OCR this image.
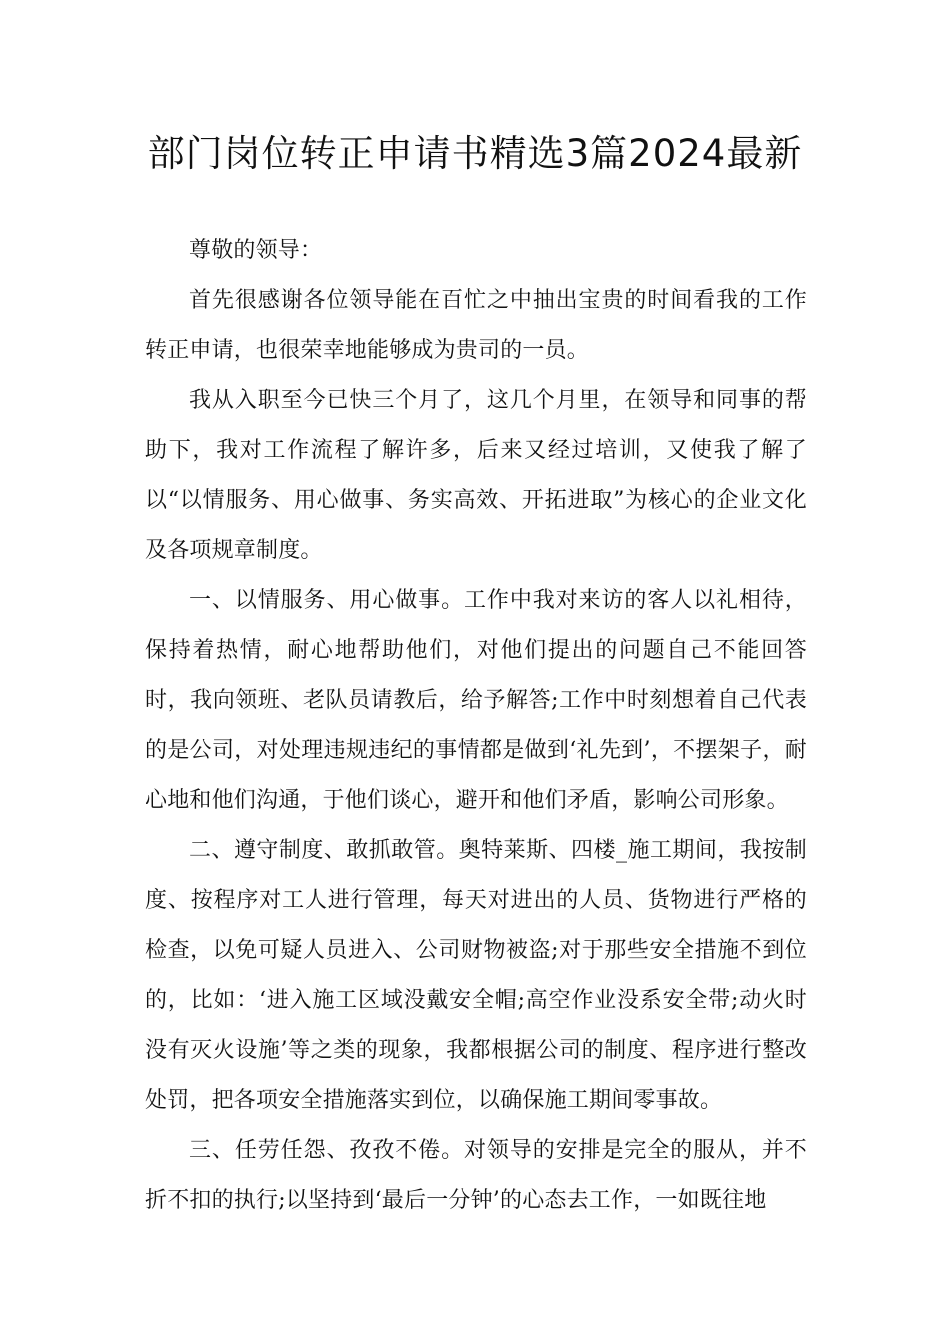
部门岗位转正申请书精选3篇2024最新

尊敬的领导：

首先很感谢各位领导能在百忙之中抽出宝贵的时间看我的工作转正申请，也很荣幸地能够成为贵司的一员。

我从入职至今已快三个月了，这几个月里，在领导和同事的帮助下，我对工作流程了解许多，后来又经过培训，又使我了解了以“以情服务、用心做事、务实高效、开拓进取”为核心的企业文化及各项规章制度。

一、以情服务、用心做事。工作中我对来访的客人以礼相待，保持着热情，耐心地帮助他们，对他们提出的问题自己不能回答时，我向领班、老队员请教后，给予解答;工作中时刻想着自己代表的是公司，对处理违规违纪的事情都是做到‘礼先到’，不摆架子，耐心地和他们沟通，于他们谈心，避开和他们矛盾，影响公司形象。

二、遵守制度、敢抓敢管。奥特莱斯、四楼_施工期间，我按制度、按程序对工人进行管理，每天对进出的人员、货物进行严格的检查，以免可疑人员进入、公司财物被盗;对于那些安全措施不到位的，比如：‘进入施工区域没戴安全帽;高空作业没系安全带;动火时没有灭火设施’等之类的现象，我都根据公司的制度、程序进行整改处罚，把各项安全措施落实到位，以确保施工期间零事故。

三、任劳任怨、孜孜不倦。对领导的安排是完全的服从，并不折不扣的执行;以坚持到‘最后一分钟’的心态去工作，一如既往地
